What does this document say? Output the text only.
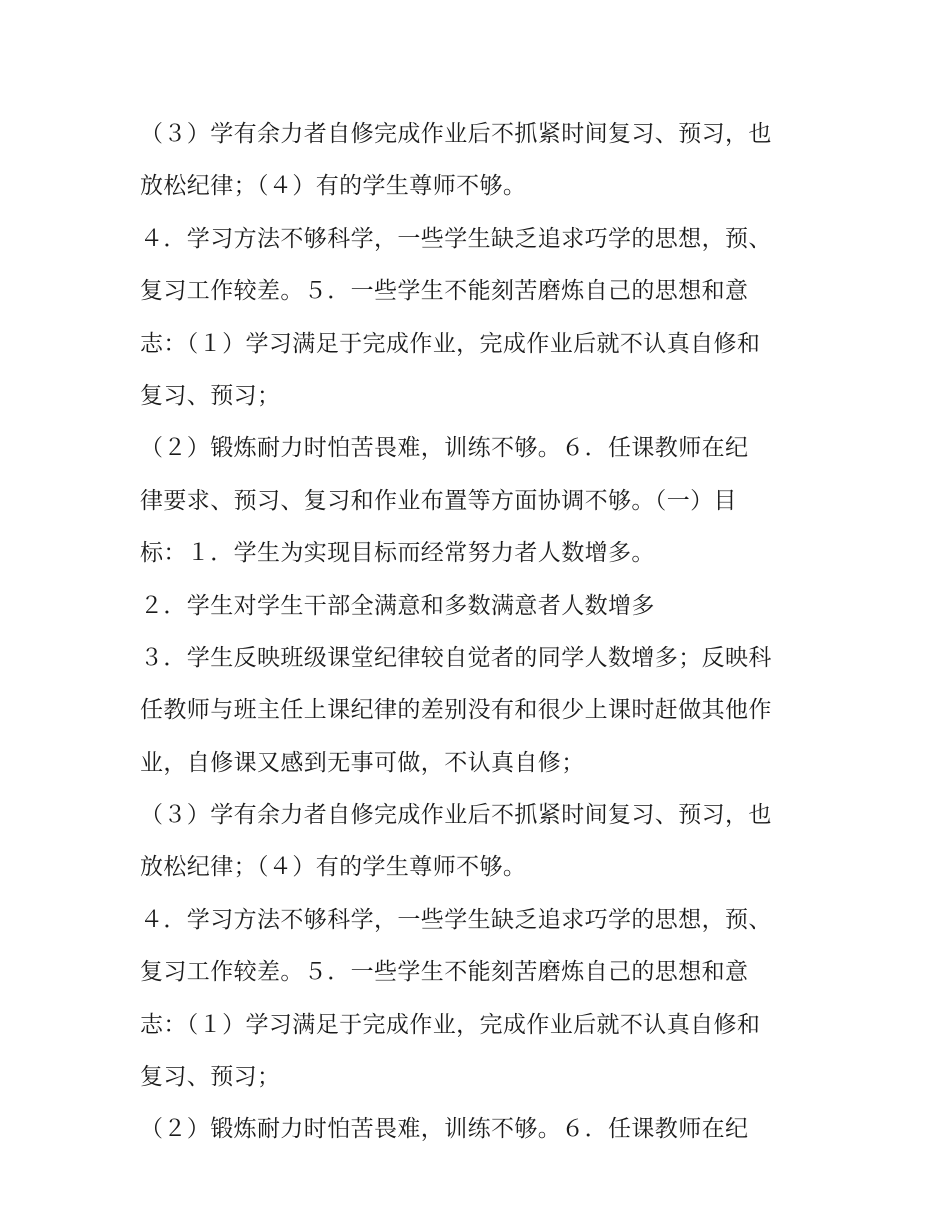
（３）学有余力者自修完成作业后不抓紧时间复习、预习，也
放松纪律；（４）有的学生尊师不够。
４．学习方法不够科学，一些学生缺乏追求巧学的思想，预、
复习工作较差。５．一些学生不能刻苦磨炼自己的思想和意
志：（１）学习满足于完成作业，完成作业后就不认真自修和
复习、预习；
（２）锻炼耐力时怕苦畏难，训练不够。６．任课教师在纪
律要求、预习、复习和作业布置等方面协调不够。（一）目
标：１．学生为实现目标而经常努力者人数增多。
２．学生对学生干部全满意和多数满意者人数增多
３．学生反映班级课堂纪律较自觉者的同学人数增多；反映科
任教师与班主任上课纪律的差别没有和很少上课时赶做其他作
业，自修课又感到无事可做，不认真自修；
（３）学有余力者自修完成作业后不抓紧时间复习、预习，也
放松纪律；（４）有的学生尊师不够。
４．学习方法不够科学，一些学生缺乏追求巧学的思想，预、
复习工作较差。５．一些学生不能刻苦磨炼自己的思想和意
志：（１）学习满足于完成作业，完成作业后就不认真自修和
复习、预习；
（２）锻炼耐力时怕苦畏难，训练不够。６．任课教师在纪
